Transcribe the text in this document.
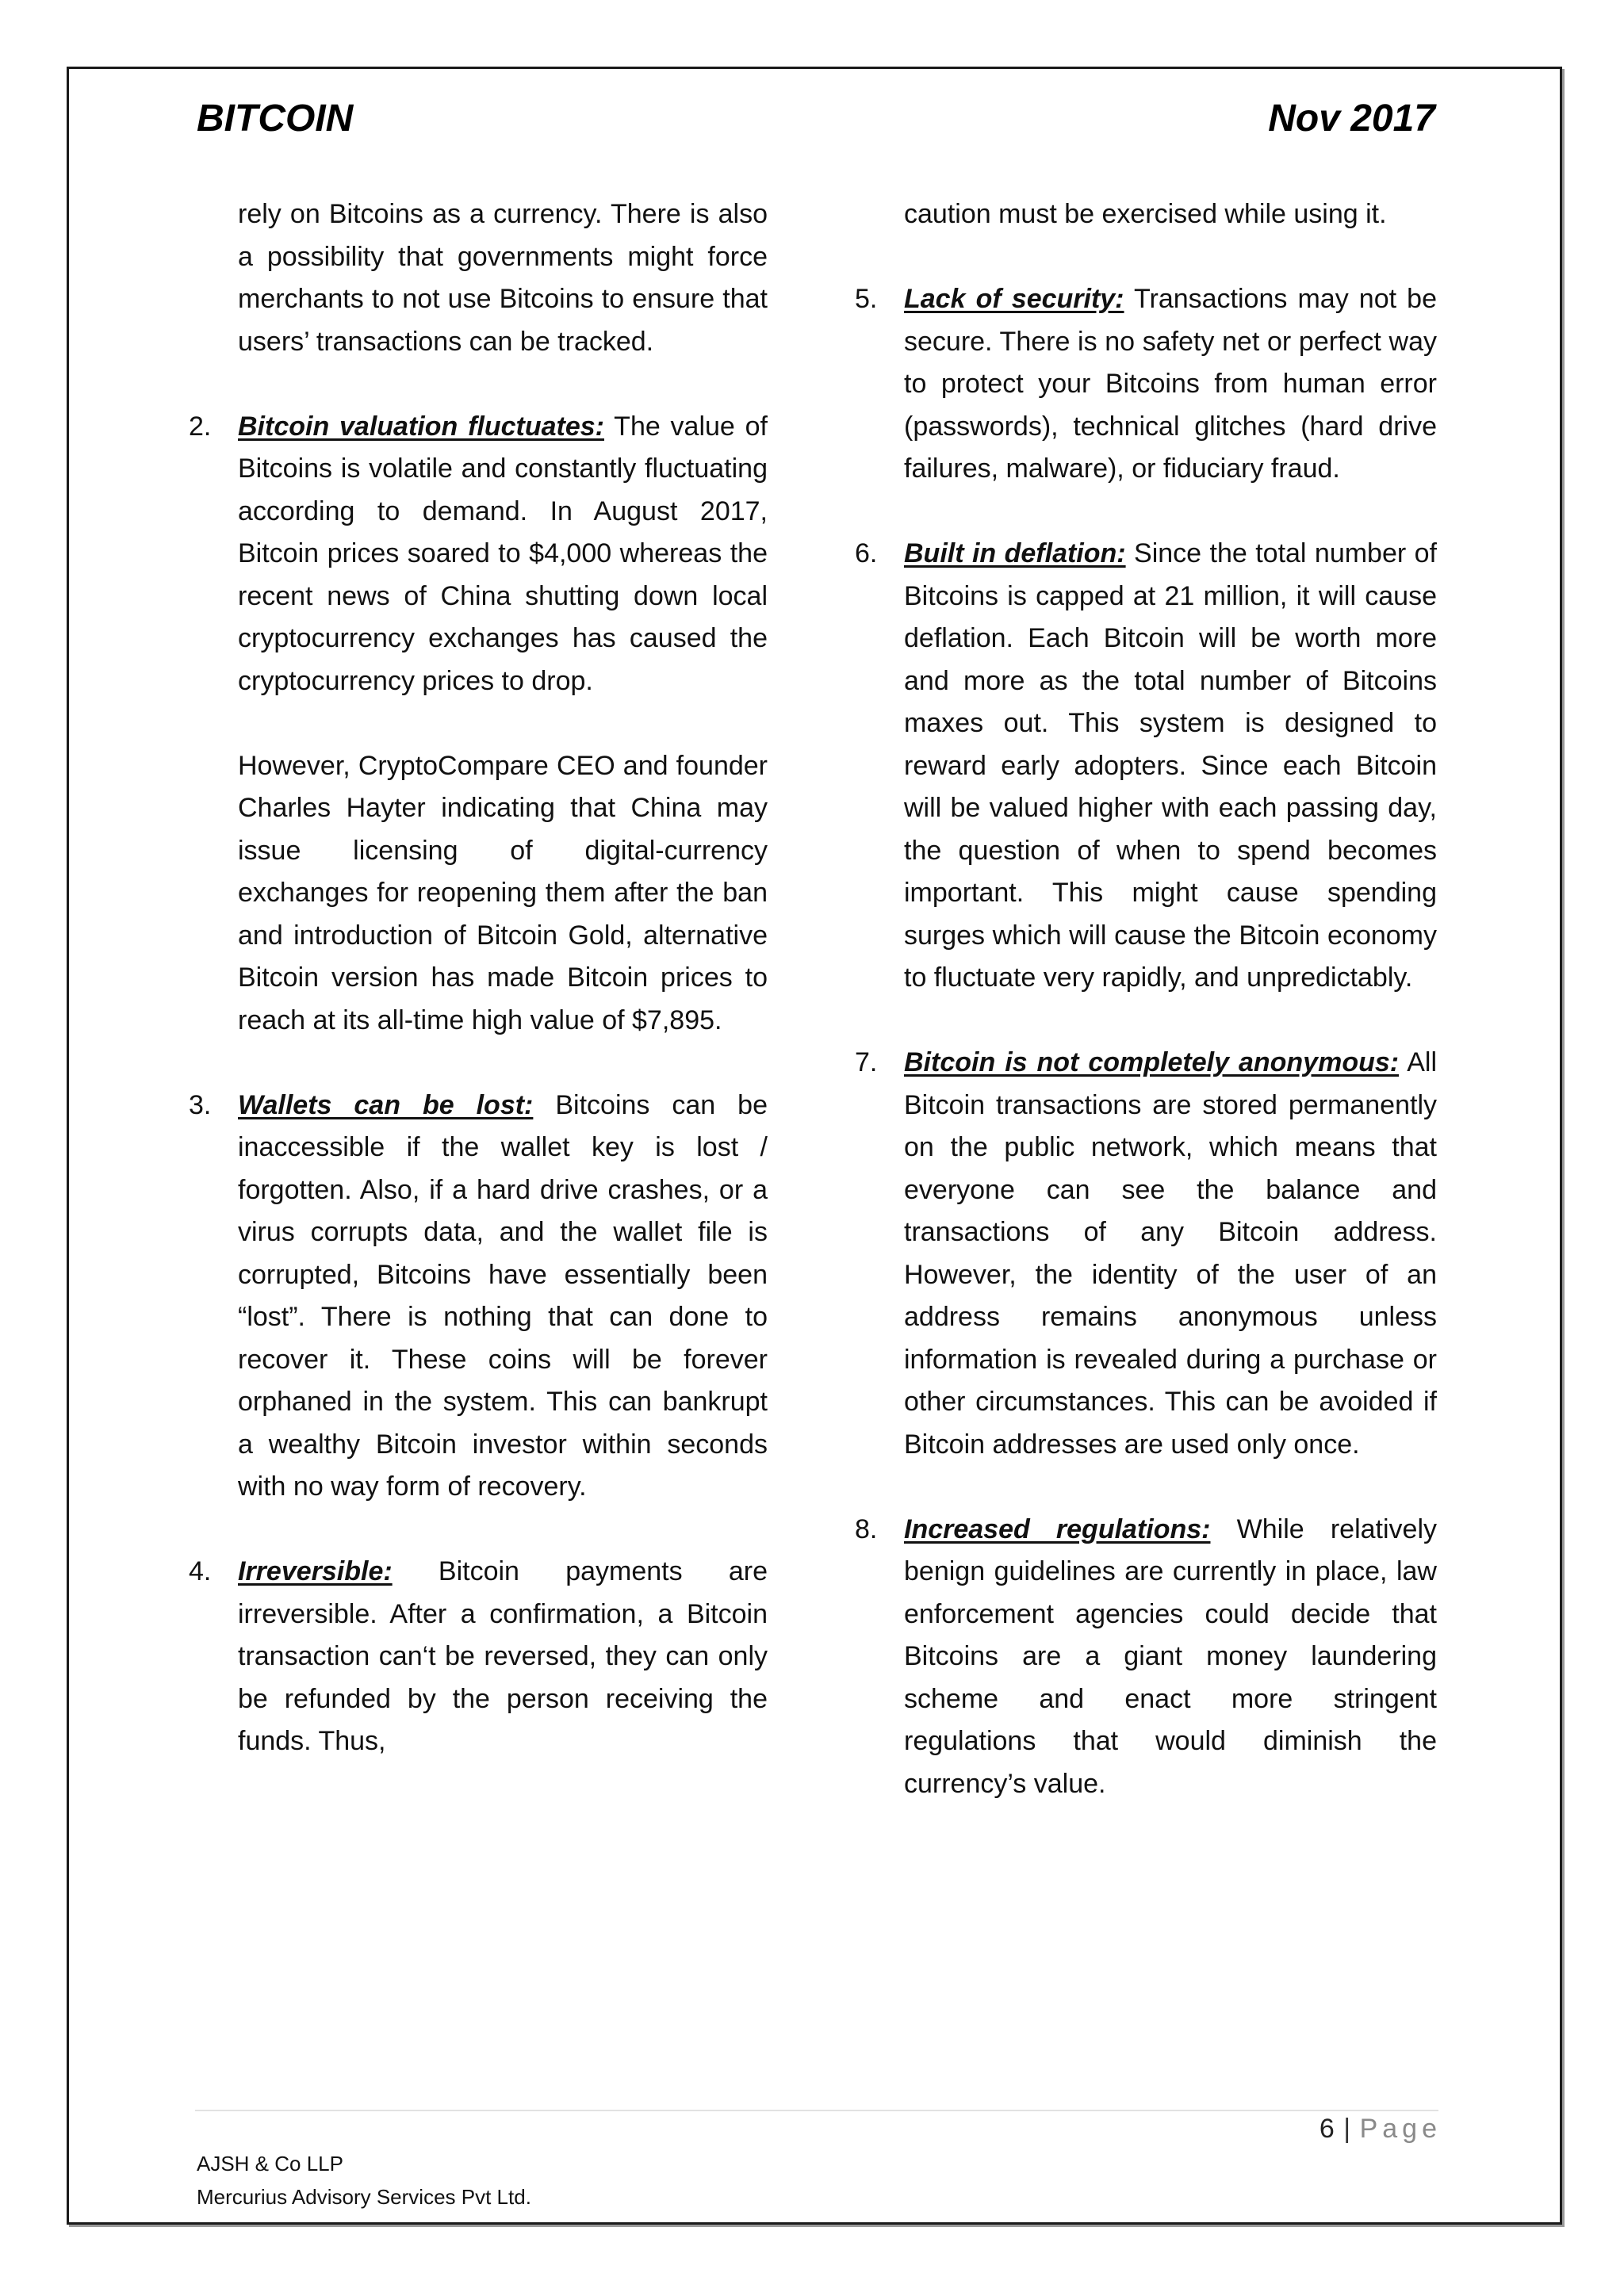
BITCOIN	Nov 2017

rely on Bitcoins as a currency. There is also a possibility that governments might force merchants to not use Bitcoins to ensure that users’ transactions can be tracked.

2. Bitcoin valuation fluctuates: The value of Bitcoins is volatile and constantly fluctuating according to demand. In August 2017, Bitcoin prices soared to $4,000 whereas the recent news of China shutting down local cryptocurrency exchanges has caused the cryptocurrency prices to drop.

However, CryptoCompare CEO and founder Charles Hayter indicating that China may issue licensing of digital-currency exchanges for reopening them after the ban and introduction of Bitcoin Gold, alternative Bitcoin version has made Bitcoin prices to reach at its all-time high value of $7,895.

3. Wallets can be lost: Bitcoins can be inaccessible if the wallet key is lost / forgotten. Also, if a hard drive crashes, or a virus corrupts data, and the wallet file is corrupted, Bitcoins have essentially been “lost”. There is nothing that can done to recover it. These coins will be forever orphaned in the system. This can bankrupt a wealthy Bitcoin investor within seconds with no way form of recovery.

4. Irreversible: Bitcoin payments are irreversible. After a confirmation, a Bitcoin transaction can‘t be reversed, they can only be refunded by the person receiving the funds. Thus,

caution must be exercised while using it.

5. Lack of security: Transactions may not be secure. There is no safety net or perfect way to protect your Bitcoins from human error (passwords), technical glitches (hard drive failures, malware), or fiduciary fraud.

6. Built in deflation: Since the total number of Bitcoins is capped at 21 million, it will cause deflation. Each Bitcoin will be worth more and more as the total number of Bitcoins maxes out. This system is designed to reward early adopters. Since each Bitcoin will be valued higher with each passing day, the question of when to spend becomes important. This might cause spending surges which will cause the Bitcoin economy to fluctuate very rapidly, and unpredictably.

7. Bitcoin is not completely anonymous: All Bitcoin transactions are stored permanently on the public network, which means that everyone can see the balance and transactions of any Bitcoin address. However, the identity of the user of an address remains anonymous unless information is revealed during a purchase or other circumstances. This can be avoided if Bitcoin addresses are used only once.

8. Increased regulations: While relatively benign guidelines are currently in place, law enforcement agencies could decide that Bitcoins are a giant money laundering scheme and enact more stringent regulations that would diminish the currency’s value.

6 | Page
AJSH & Co LLP
Mercurius Advisory Services Pvt Ltd.
